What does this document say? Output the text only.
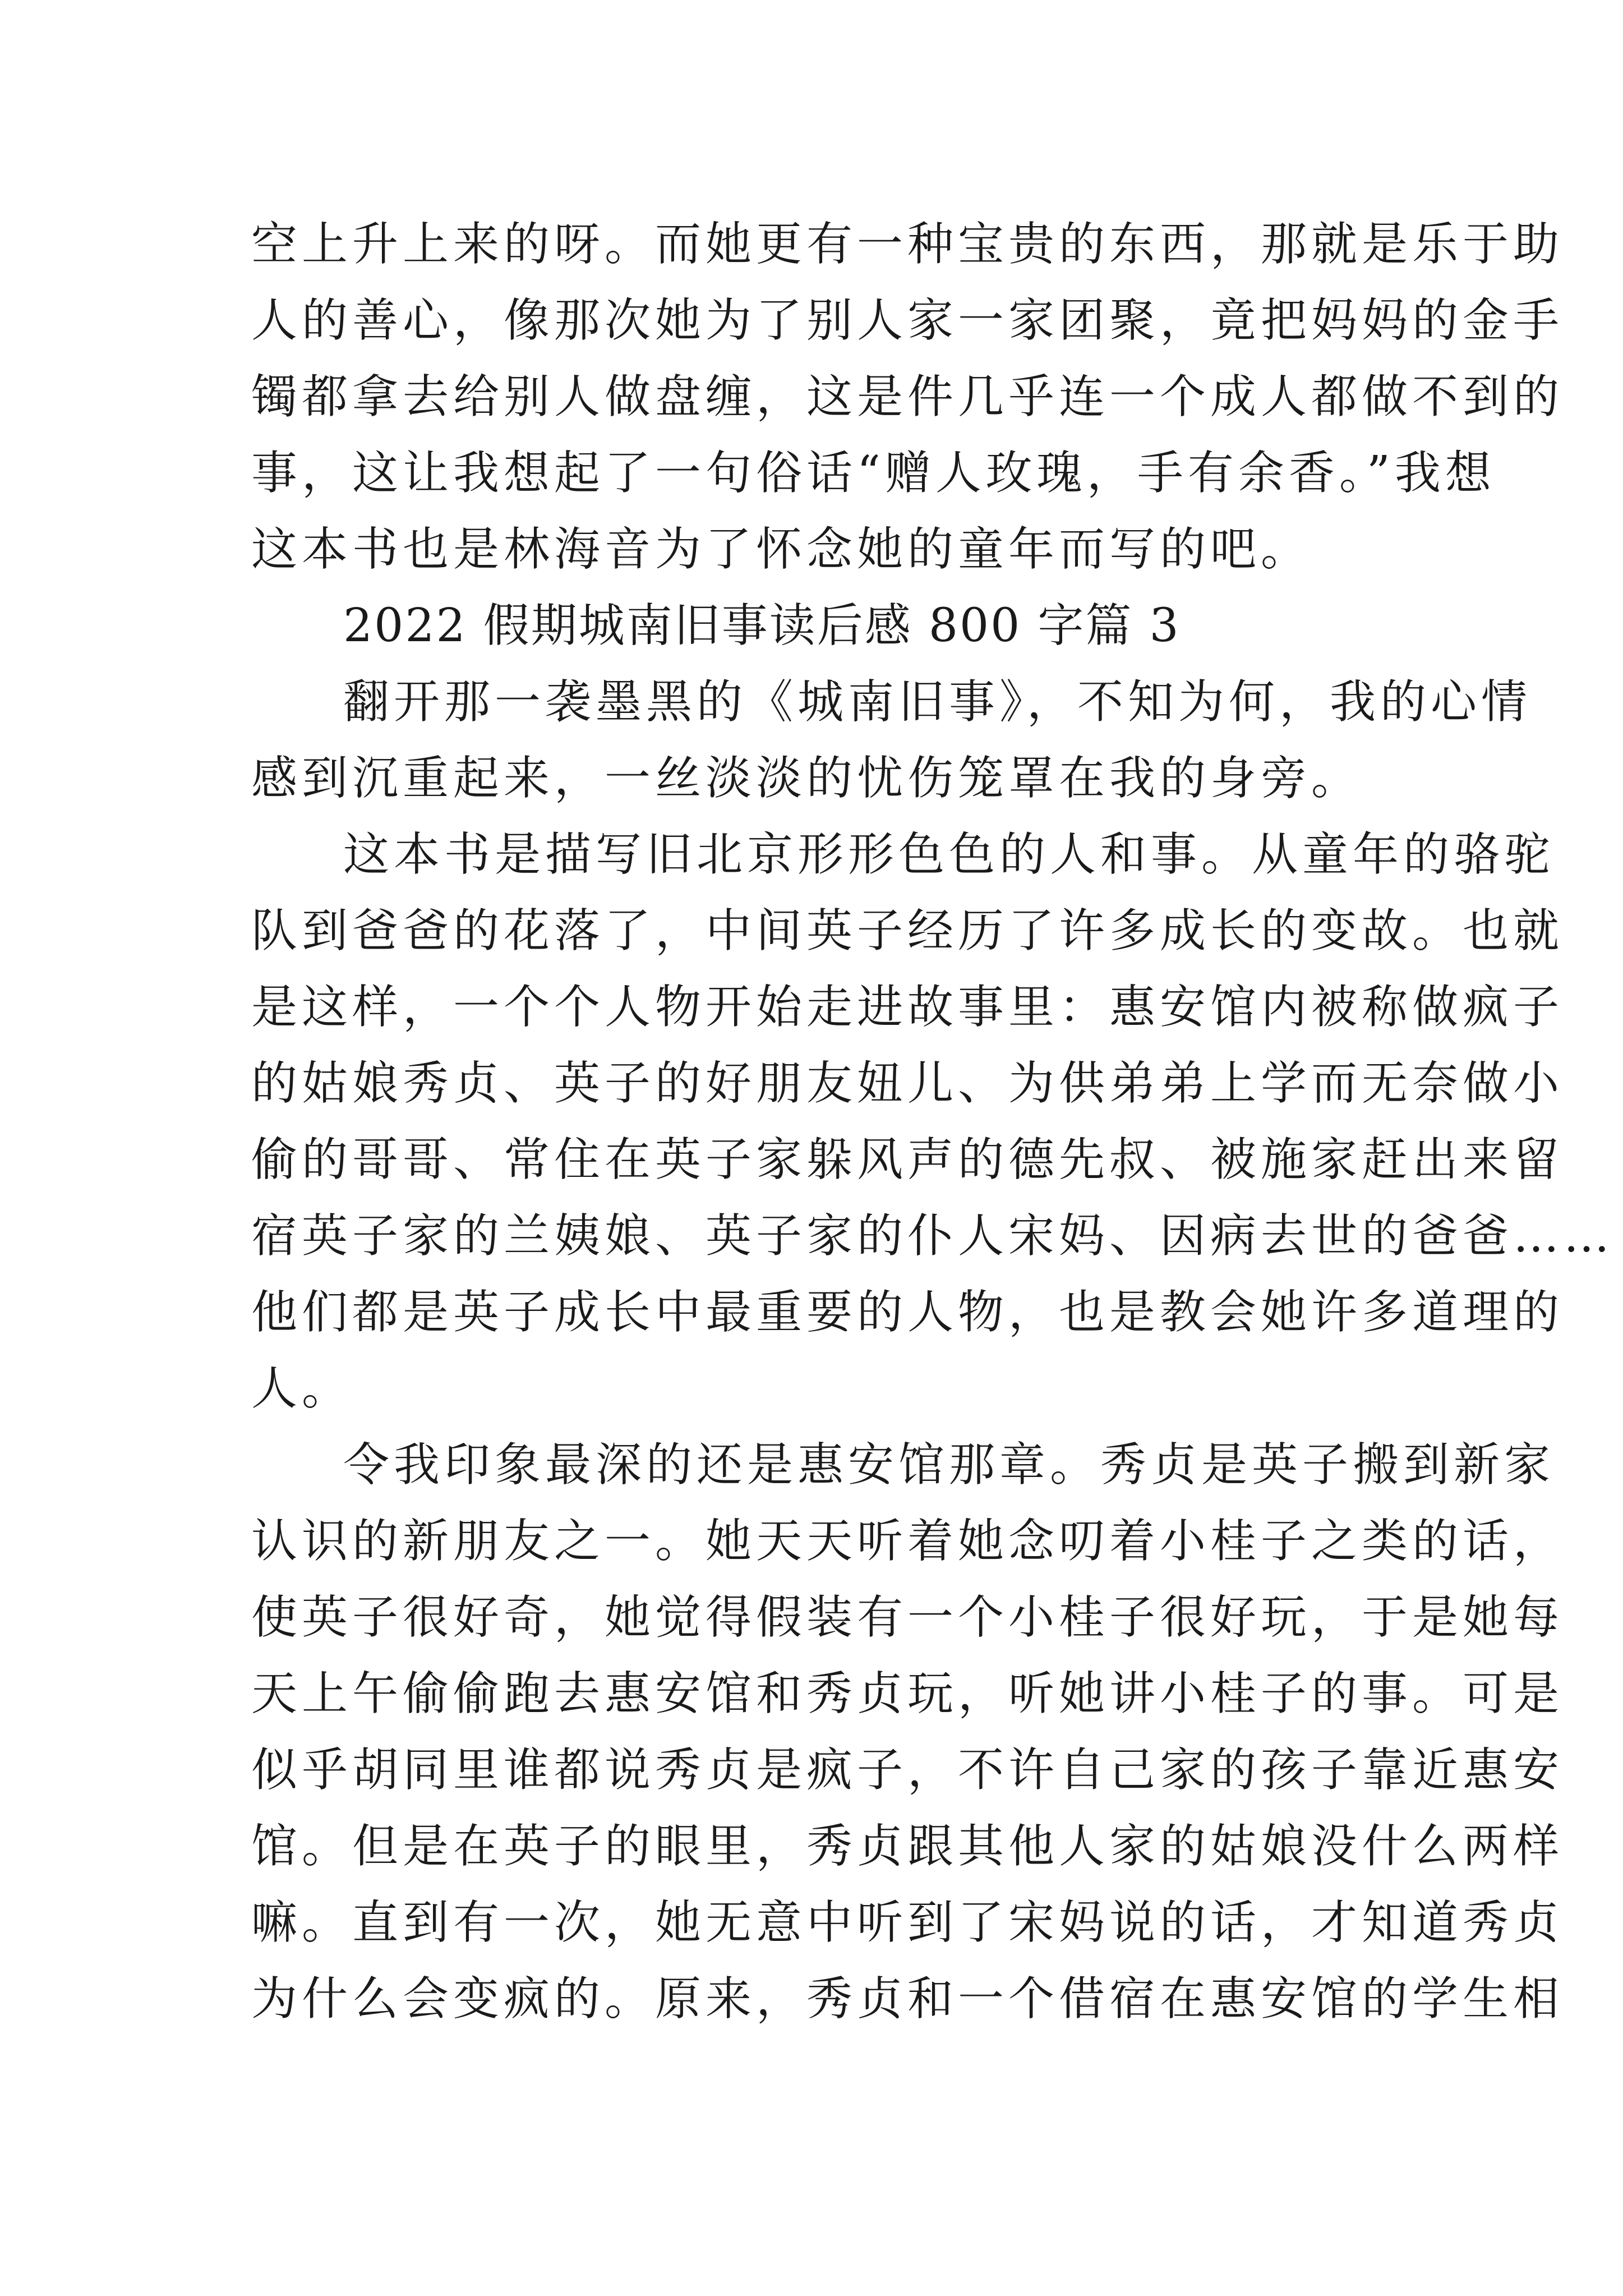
空上升上来的呀。而她更有一种宝贵的东西，那就是乐于助
人的善心，像那次她为了别人家一家团聚，竟把妈妈的金手
镯都拿去给别人做盘缠，这是件几乎连一个成人都做不到的
事，这让我想起了一句俗话“赠人玫瑰，手有余香。”我想
这本书也是林海音为了怀念她的童年而写的吧。
2022 假期城南旧事读后感 800 字篇 3
翻开那一袭墨黑的《城南旧事》，不知为何，我的心情
感到沉重起来，一丝淡淡的忧伤笼罩在我的身旁。
这本书是描写旧北京形形色色的人和事。从童年的骆驼
队到爸爸的花落了，中间英子经历了许多成长的变故。也就
是这样，一个个人物开始走进故事里：惠安馆内被称做疯子
的姑娘秀贞、英子的好朋友妞儿、为供弟弟上学而无奈做小
偷的哥哥、常住在英子家躲风声的德先叔、被施家赶出来留
宿英子家的兰姨娘、英子家的仆人宋妈、因病去世的爸爸……
他们都是英子成长中最重要的人物，也是教会她许多道理的
人。
令我印象最深的还是惠安馆那章。秀贞是英子搬到新家
认识的新朋友之一。她天天听着她念叨着小桂子之类的话，
使英子很好奇，她觉得假装有一个小桂子很好玩，于是她每
天上午偷偷跑去惠安馆和秀贞玩，听她讲小桂子的事。可是
似乎胡同里谁都说秀贞是疯子，不许自己家的孩子靠近惠安
馆。但是在英子的眼里，秀贞跟其他人家的姑娘没什么两样
嘛。直到有一次，她无意中听到了宋妈说的话，才知道秀贞
为什么会变疯的。原来，秀贞和一个借宿在惠安馆的学生相
